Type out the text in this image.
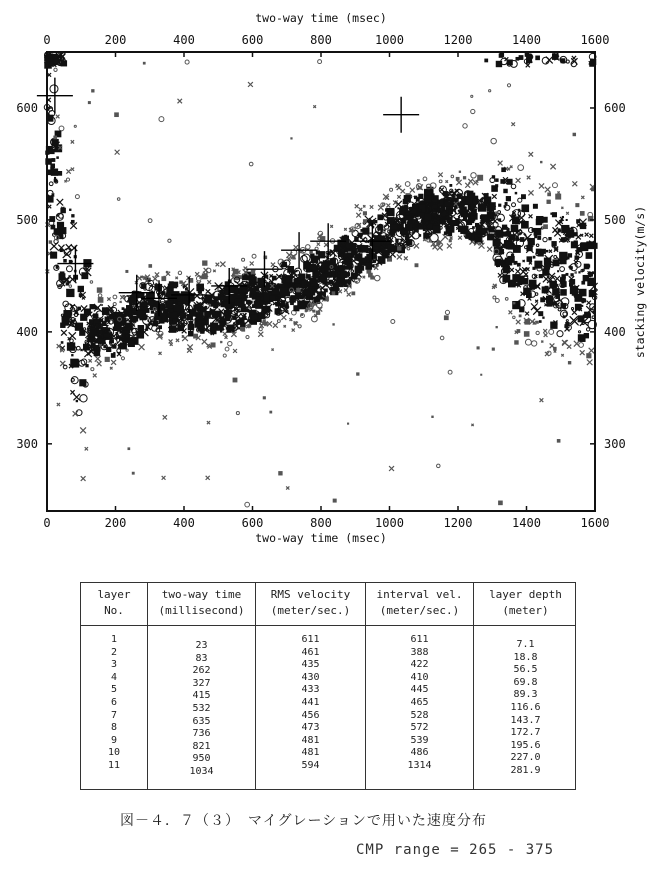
0
0
200
200
400
400
600
600
800
800
1000
1000
1200
1200
1400
1400
1600
1600
300
400
500
600
300
400
500
600
two-way time (msec)
two-way time (msec)
stacking velocity(m/s)
layer
No.
1
2
3
4
5
6
7
8
9
10
11
two-way time
(millisecond)
23
83
262
327
415
532
635
736
821
950
1034
RMS velocity
(meter/sec.)
611
461
435
430
433
441
456
473
481
481
594
interval vel.
(meter/sec.)
611
388
422
410
445
465
528
572
539
486
1314
layer depth
(meter)
7.1
18.8
56.5
69.8
89.3
116.6
143.7
172.7
195.6
227.0
281.9
図－４．７（３）　マイグレーションで用いた速度分布
CMP range = 265 - 375
